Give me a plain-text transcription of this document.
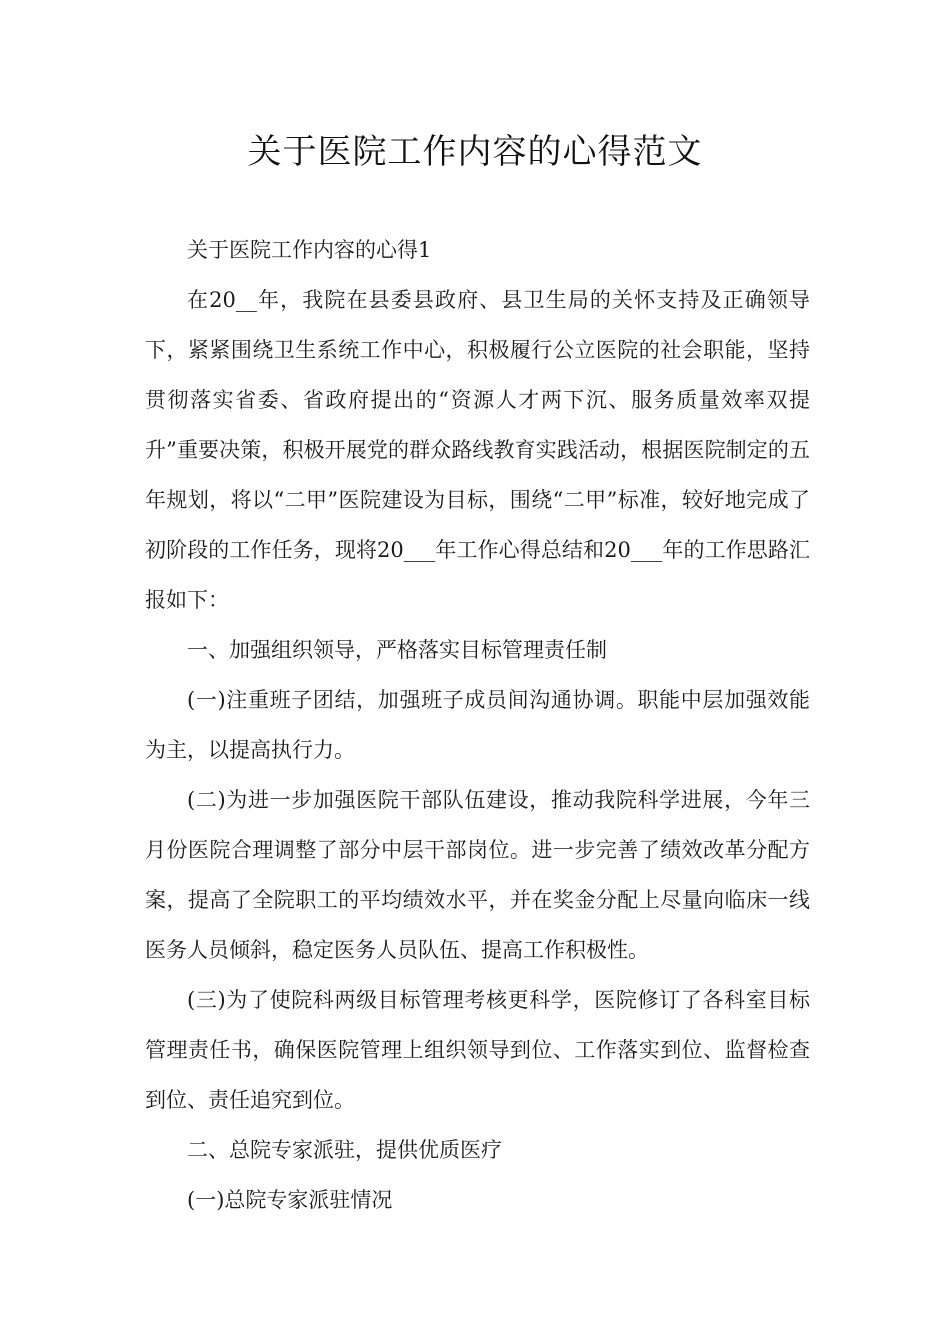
关于医院工作内容的心得范文

关于医院工作内容的心得1

在20__年，我院在县委县政府、县卫生局的关怀支持及正确领导下，紧紧围绕卫生系统工作中心，积极履行公立医院的社会职能，坚持贯彻落实省委、省政府提出的“资源人才两下沉、服务质量效率双提升”重要决策，积极开展党的群众路线教育实践活动，根据医院制定的五年规划，将以“二甲”医院建设为目标，围绕“二甲”标准，较好地完成了初阶段的工作任务，现将20___年工作心得总结和20___年的工作思路汇报如下：

一、加强组织领导，严格落实目标管理责任制

(一)注重班子团结，加强班子成员间沟通协调。职能中层加强效能为主，以提高执行力。

(二)为进一步加强医院干部队伍建设，推动我院科学进展，今年三月份医院合理调整了部分中层干部岗位。进一步完善了绩效改革分配方案，提高了全院职工的平均绩效水平，并在奖金分配上尽量向临床一线医务人员倾斜，稳定医务人员队伍、提高工作积极性。

(三)为了使院科两级目标管理考核更科学，医院修订了各科室目标管理责任书，确保医院管理上组织领导到位、工作落实到位、监督检查到位、责任追究到位。

二、总院专家派驻，提供优质医疗

(一)总院专家派驻情况
